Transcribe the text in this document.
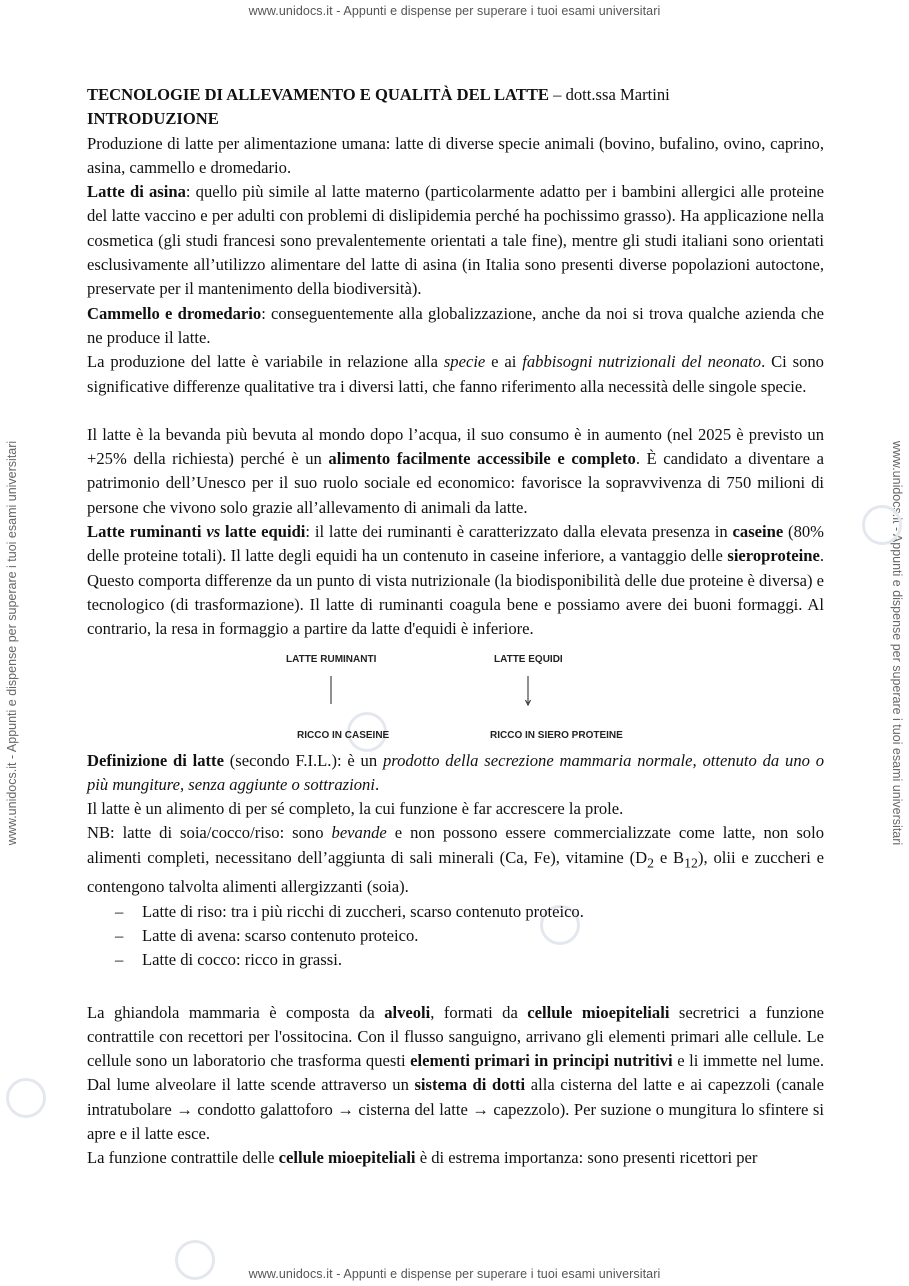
www.unidocs.it - Appunti e dispense per superare i tuoi esami universitari
www.unidocs.it - Appunti e dispense per superare i tuoi esami universitari
www.unidocs.it - Appunti e dispense per superare i tuoi esami universitari	www.unidocs.it - Appunti e dispense per superare i tuoi esami universitari

TECNOLOGIE DI ALLEVAMENTO E QUALITÀ DEL LATTE – dott.ssa Martini

INTRODUZIONE

Produzione di latte per alimentazione umana: latte di diverse specie animali (bovino, bufalino, ovino, caprino, asina, cammello e dromedario.

Latte di asina: quello più simile al latte materno (particolarmente adatto per i bambini allergici alle proteine del latte vaccino e per adulti con problemi di dislipidemia perché ha pochissimo grasso). Ha applicazione nella cosmetica (gli studi francesi sono prevalentemente orientati a tale fine), mentre gli studi italiani sono orientati esclusivamente all’utilizzo alimentare del latte di asina (in Italia sono presenti diverse popolazioni autoctone, preservate per il mantenimento della biodiversità).

Cammello e dromedario: conseguentemente alla globalizzazione, anche da noi si trova qualche azienda che ne produce il latte.

La produzione del latte è variabile in relazione alla specie e ai fabbisogni nutrizionali del neonato. Ci sono significative differenze qualitative tra i diversi latti, che fanno riferimento alla necessità delle singole specie.

Il latte è la bevanda più bevuta al mondo dopo l’acqua, il suo consumo è in aumento (nel 2025 è previsto un +25% della richiesta) perché è un alimento facilmente accessibile e completo. È candidato a diventare a patrimonio dell’Unesco per il suo ruolo sociale ed economico: favorisce la sopravvivenza di 750 milioni di persone che vivono solo grazie all’allevamento di animali da latte.

Latte ruminanti vs latte equidi: il latte dei ruminanti è caratterizzato dalla elevata presenza in caseine (80% delle proteine totali). Il latte degli equidi ha un contenuto in caseine inferiore, a vantaggio delle sieroproteine. Questo comporta differenze da un punto di vista nutrizionale (la biodisponibilità delle due proteine è diversa) e tecnologico (di trasformazione). Il latte di ruminanti coagula bene e possiamo avere dei buoni formaggi. Al contrario, la resa in formaggio a partire da latte d'equidi è inferiore.

LATTE RUMINANTI	LATTE EQUIDI
RICCO IN CASEINE	RICCO IN SIERO PROTEINE

Definizione di latte (secondo F.I.L.): è un prodotto della secrezione mammaria normale, ottenuto da uno o più mungiture, senza aggiunte o sottrazioni.

Il latte è un alimento di per sé completo, la cui funzione è far accrescere la prole.

NB: latte di soia/cocco/riso: sono bevande e non possono essere commercializzate come latte, non solo alimenti completi, necessitano dell’aggiunta di sali minerali (Ca, Fe), vitamine ($D_2$ e $B_{12}$), olii e zuccheri e contengono talvolta alimenti allergizzanti (soia).

– Latte di riso: tra i più ricchi di zuccheri, scarso contenuto proteico.
– Latte di avena: scarso contenuto proteico.
– Latte di cocco: ricco in grassi.

La ghiandola mammaria è composta da alveoli, formati da cellule mioepiteliali secretrici a funzione contrattile con recettori per l'ossitocina. Con il flusso sanguigno, arrivano gli elementi primari alle cellule. Le cellule sono un laboratorio che trasforma questi elementi primari in principi nutritivi e li immette nel lume. Dal lume alveolare il latte scende attraverso un sistema di dotti alla cisterna del latte e ai capezzoli (canale intratubolare → condotto galattoforo → cisterna del latte → capezzolo). Per suzione o mungitura lo sfintere si apre e il latte esce.

La funzione contrattile delle cellule mioepiteliali è di estrema importanza: sono presenti ricettori per
